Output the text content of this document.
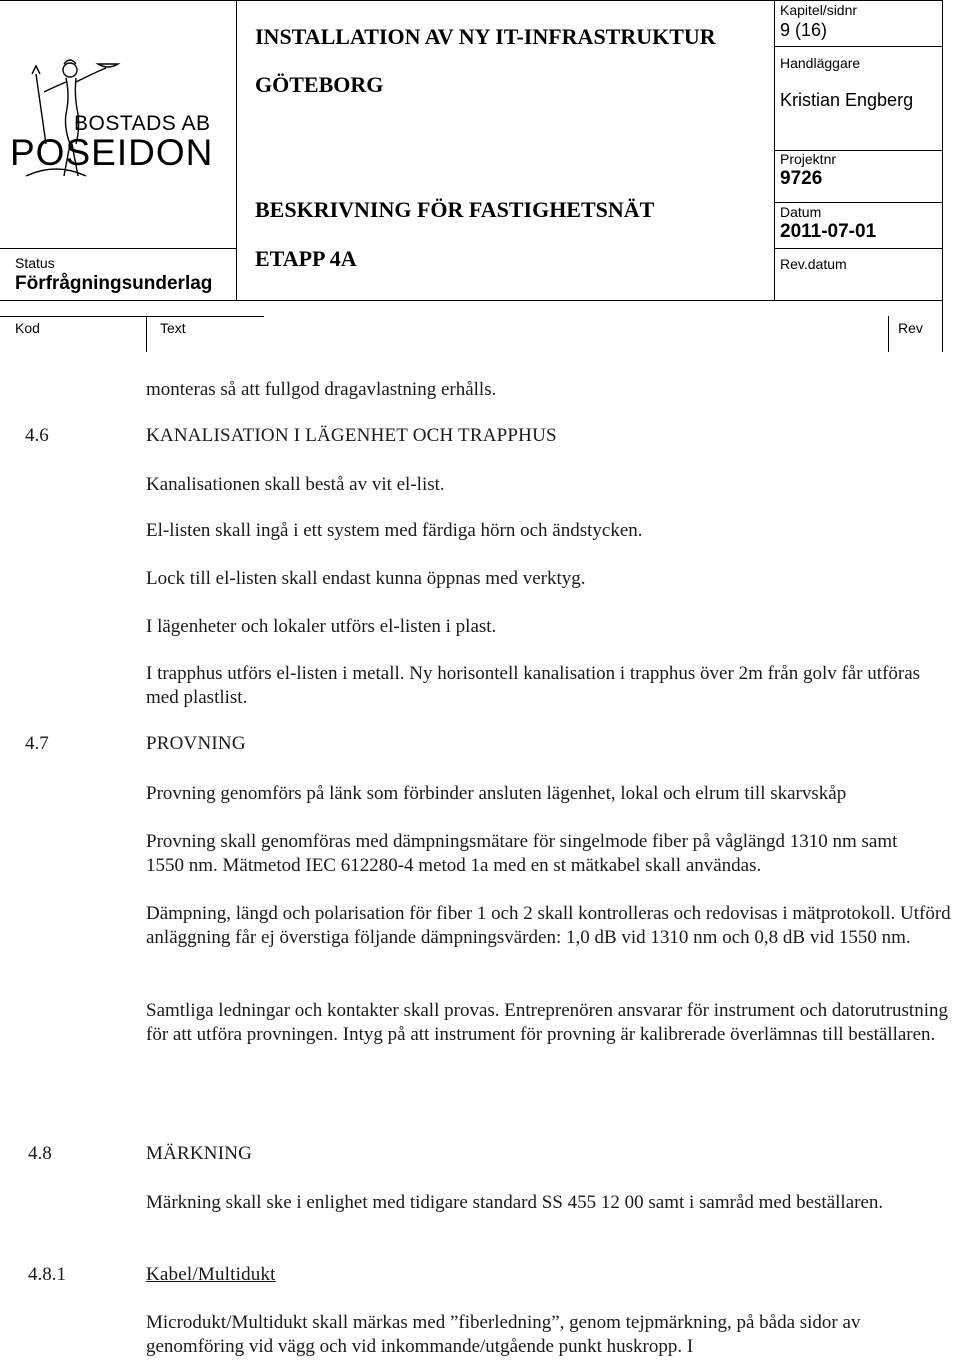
BOSTADS AB
POSEIDON
Status
Förfrågningsunderlag
INSTALLATION AV NY IT-INFRASTRUKTUR
GÖTEBORG
BESKRIVNING FÖR FASTIGHETSNÄT
ETAPP 4A
Kapitel/sidnr
9 (16)
Handläggare
Kristian Engberg
Projektnr
9726
Datum
2011-07-01
Rev.datum
Kod	Text	Rev
monteras så att fullgod dragavlastning erhålls.
4.6	KANALISATION I LÄGENHET OCH TRAPPHUS
Kanalisationen skall bestå av vit el-list.
El-listen skall ingå i ett system med färdiga hörn och ändstycken.
Lock till el-listen skall endast kunna öppnas med verktyg.
I lägenheter och lokaler utförs el-listen i plast.
I trapphus utförs el-listen i metall. Ny horisontell kanalisation i trapphus över 2m från golv får utföras med plastlist.
4.7	PROVNING
Provning genomförs på länk som förbinder ansluten lägenhet, lokal och elrum till skarvskåp
Provning skall genomföras med dämpningsmätare för singelmode fiber på våglängd 1310 nm samt 1550 nm. Mätmetod IEC 612280-4 metod 1a med en st mätkabel skall användas.
Dämpning, längd och polarisation för fiber 1 och 2 skall kontrolleras och redovisas i mätprotokoll. Utförd anläggning får ej överstiga följande dämpningsvärden: 1,0 dB vid 1310 nm och 0,8 dB vid 1550 nm.
Samtliga ledningar och kontakter skall provas. Entreprenören ansvarar för instrument och datorutrustning för att utföra provningen. Intyg på att instrument för provning är kalibrerade överlämnas till beställaren.
4.8	MÄRKNING
Märkning skall ske i enlighet med tidigare standard SS 455 12 00 samt i samråd med beställaren.
4.8.1	Kabel/Multidukt
Microdukt/Multidukt skall märkas med ”fiberledning”, genom tejpmärkning, på båda sidor av genomföring vid vägg och vid inkommande/utgående punkt huskropp. I
